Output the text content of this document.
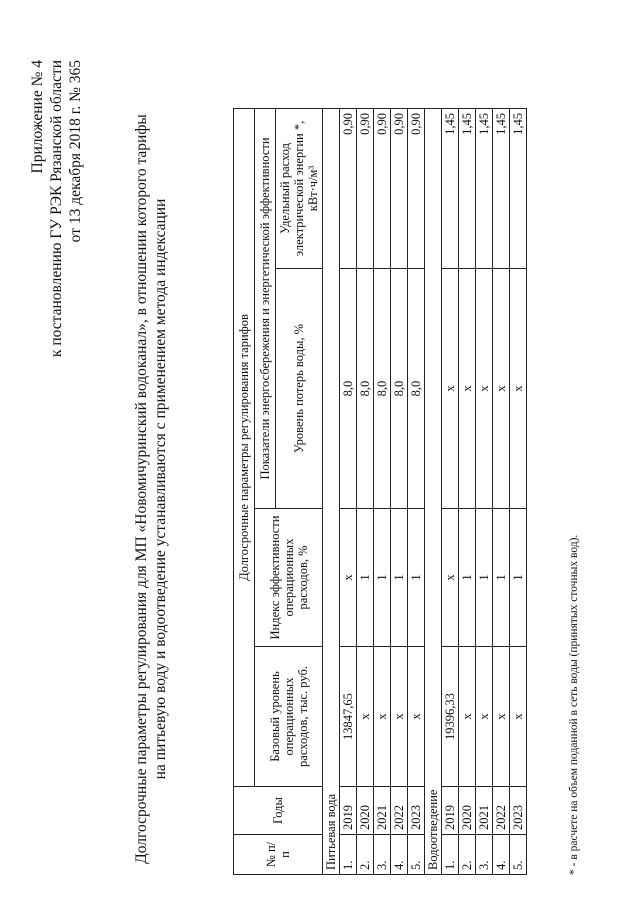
Приложение № 4 к постановлению ГУ РЭК Рязанской области от 13 декабря 2018 г. № 365	Долгосрочные параметры регулирования для МП «Новомичуринский водоканал», в отношении которого тарифы на питьевую воду и водоотведение устанавливаются с применением метода индексации
№ п/п	Годы	Долгосрочные параметры регулирования тарифов			
		Базовый уровень операционных расходов, тыс. руб.	Индекс эффективности операционных расходов, %	Показатели энергосбережения и энергетической эффективности	
				Уровень потерь воды, %	Удельный расход электрической энергии *, кВт·ч/м³
Питьевая вода					
1.	2019	13847,65	х	8,0	0,90
2.	2020	х	1	8,0	0,90
3.	2021	х	1	8,0	0,90
4.	2022	х	1	8,0	0,90
5.	2023	х	1	8,0	0,90
Водоотведение					
1.	2019	19396,33	х	х	1,45
2.	2020	х	1	х	1,45
3.	2021	х	1	х	1,45
4.	2022	х	1	х	1,45
5.	2023	х	1	х	1,45
* - в расчете на объем поданной в сеть воды (принятых сточных вод).
